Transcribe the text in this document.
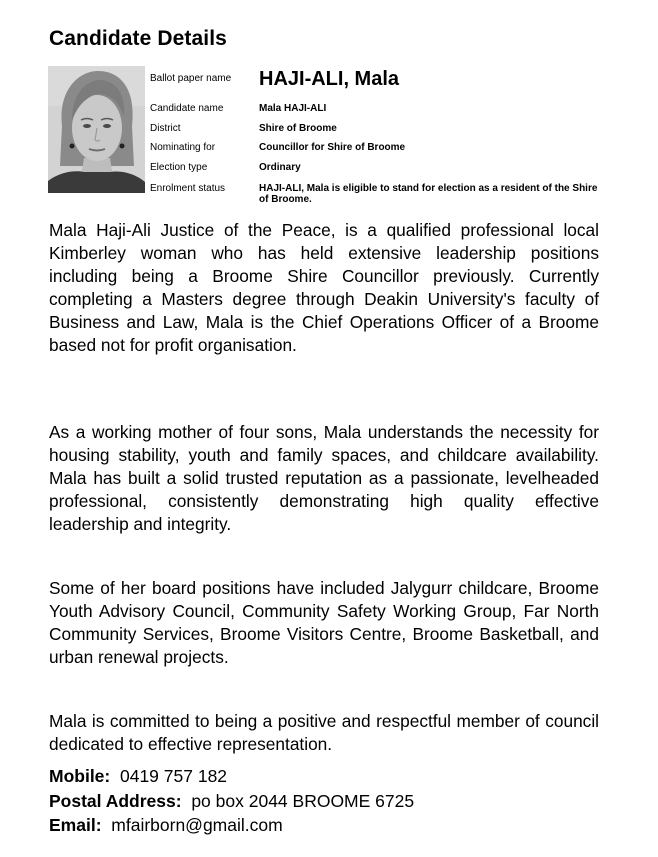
Candidate Details
Ballot paper name	HAJI-ALI, Mala
Candidate name	Mala HAJI-ALI
District	Shire of Broome
Nominating for	Councillor for Shire of Broome
Election type	Ordinary
Enrolment status	HAJI-ALI, Mala is eligible to stand for election as a resident of the Shire of Broome.

Mala Haji-Ali Justice of the Peace, is a qualified professional local Kimberley woman who has held extensive leadership positions including being a Broome Shire Councillor previously. Currently completing a Masters degree through Deakin University's faculty of Business and Law, Mala is the Chief Operations Officer of a Broome based not for profit organisation.

As a working mother of four sons, Mala understands the necessity for housing stability, youth and family spaces, and childcare availability. Mala has built a solid trusted reputation as a passionate, levelheaded professional, consistently demonstrating high quality effective leadership and integrity.

Some of her board positions have included Jalygurr childcare, Broome Youth Advisory Council, Community Safety Working Group, Far North Community Services, Broome Visitors Centre, Broome Basketball, and urban renewal projects.

Mala is committed to being a positive and respectful member of council dedicated to effective representation.

Mobile: 0419 757 182
Postal Address: po box 2044 BROOME 6725
Email: mfairborn@gmail.com
